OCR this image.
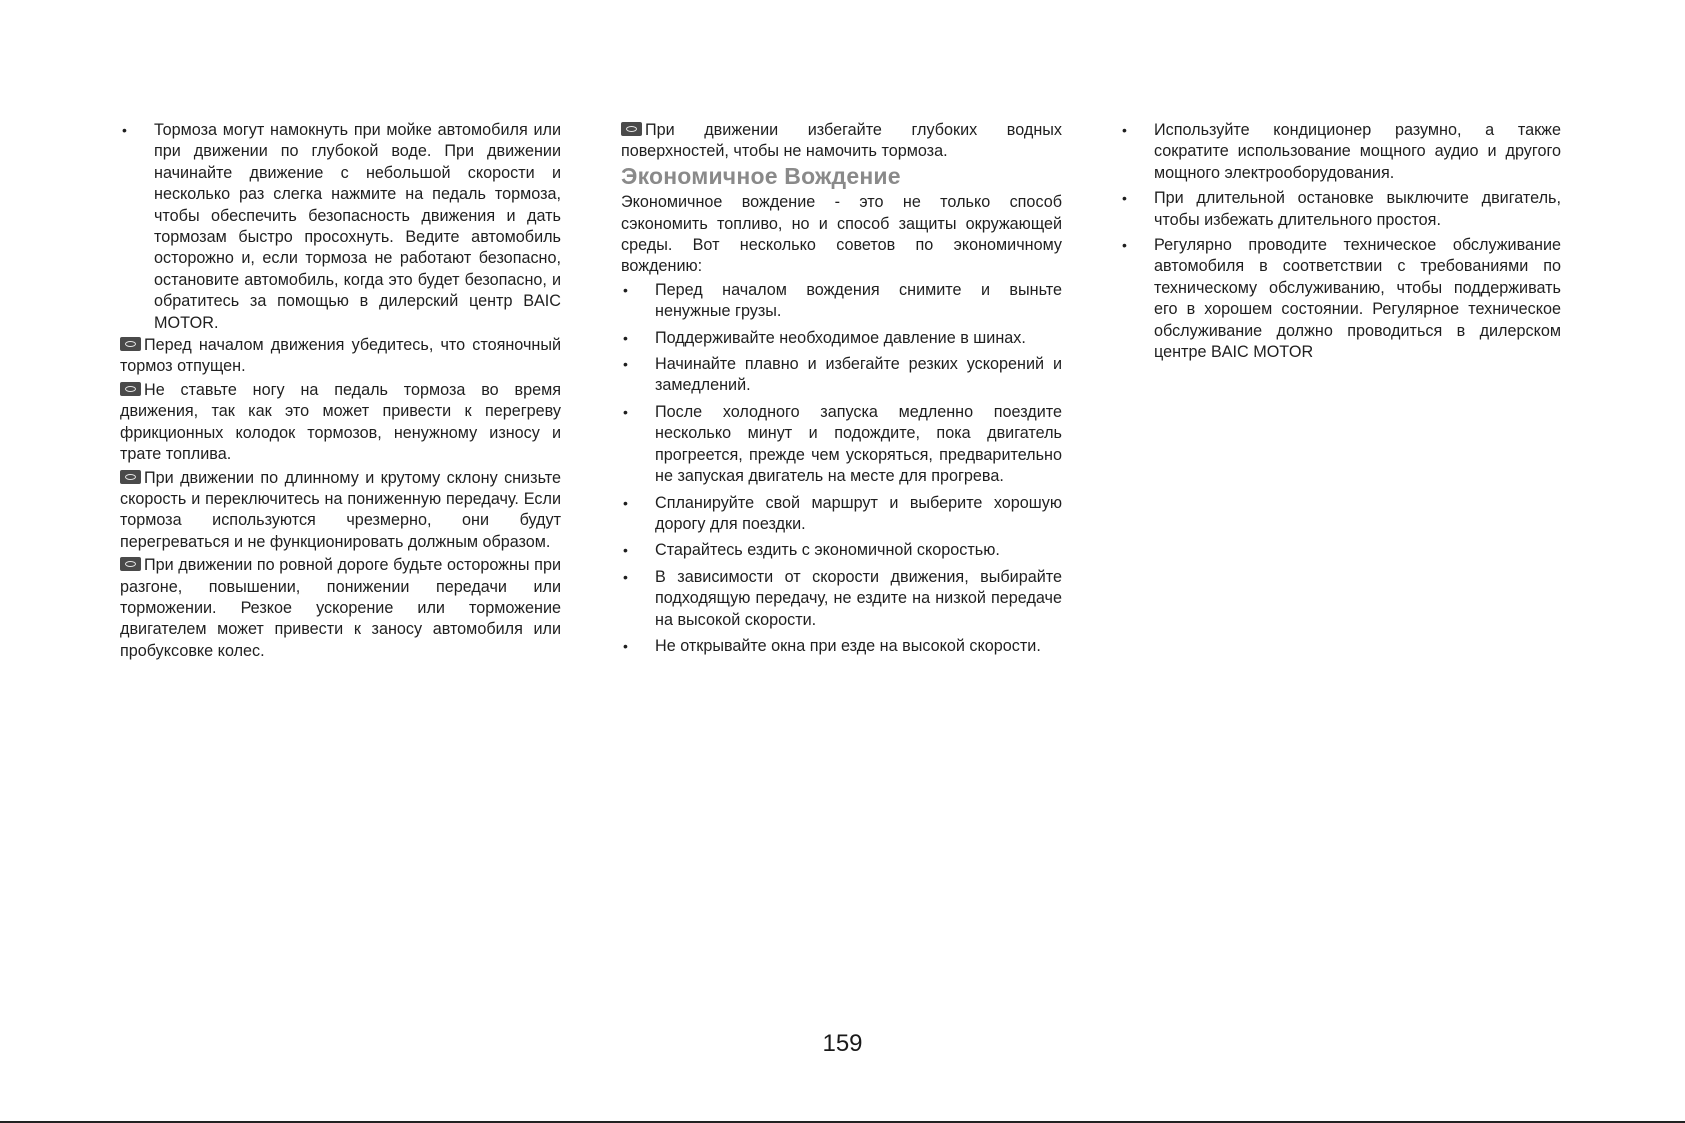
•	Тормоза могут намокнуть при мойке автомобиля или при движении по глубокой воде. При движении начинайте движение с небольшой скорости и несколько раз слегка нажмите на педаль тормоза, чтобы обеспечить безопасность движения и дать тормозам быстро просохнуть. Ведите автомобиль осторожно и, если тормоза не работают безопасно, остановите автомобиль, когда это будет безопасно, и обратитесь за помощью в дилерский центр BAIC MOTOR.

Перед началом движения убедитесь, что стояночный тормоз отпущен.

Не ставьте ногу на педаль тормоза во время движения, так как это может привести к перегреву фрикционных колодок тормозов, ненужному износу и трате топлива.

При движении по длинному и крутому склону снизьте скорость и переключитесь на пониженную передачу. Если тормоза используются чрезмерно, они будут перегреваться и не функционировать должным образом.

При движении по ровной дороге будьте осторожны при разгоне, повышении, понижении передачи или торможении. Резкое ускорение или торможение двигателем может привести к заносу автомобиля или пробуксовке колес.

При движении избегайте глубоких водных поверхностей, чтобы не намочить тормоза.

Экономичное Вождение

Экономичное вождение - это не только способ сэкономить топливо, но и способ защиты окружающей среды. Вот несколько советов по экономичному вождению:

•	Перед началом вождения снимите и выньте ненужные грузы.
•	Поддерживайте необходимое давление в шинах.
•	Начинайте плавно и избегайте резких ускорений и замедлений.
•	После холодного запуска медленно поездите несколько минут и подождите, пока двигатель прогреется, прежде чем ускоряться, предварительно не запуская двигатель на месте для прогрева.
•	Спланируйте свой маршрут и выберите хорошую дорогу для поездки.
•	Старайтесь ездить с экономичной скоростью.
•	В зависимости от скорости движения, выбирайте подходящую передачу, не ездите на низкой передаче на высокой скорости.
•	Не открывайте окна при езде на высокой скорости.
•	Используйте кондиционер разумно, а также сократите использование мощного аудио и другого мощного электрооборудования.
•	При длительной остановке выключите двигатель, чтобы избежать длительного простоя.
•	Регулярно проводите техническое обслуживание автомобиля в соответствии с требованиями по техническому обслуживанию, чтобы поддерживать его в хорошем состоянии. Регулярное техническое обслуживание должно проводиться в дилерском центре BAIC MOTOR
159
